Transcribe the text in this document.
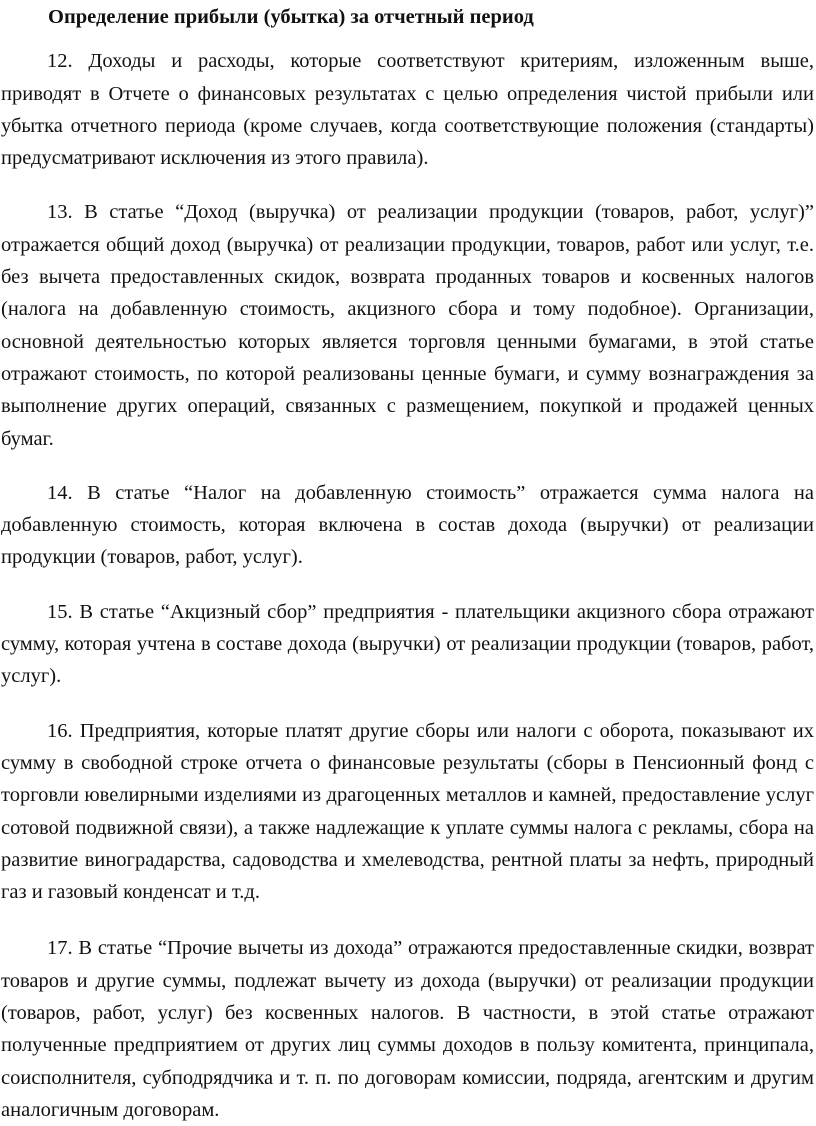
Определение прибыли (убытка) за отчетный период

12. Доходы и расходы, которые соответствуют критериям, изложенным выше, приводят в Отчете о финансовых результатах с целью определения чистой прибыли или убытка отчетного периода (кроме случаев, когда соответствующие положения (стандарты) предусматривают исключения из этого правила).

13. В статье “Доход (выручка) от реализации продукции (товаров, работ, услуг)” отражается общий доход (выручка) от реализации продукции, товаров, работ или услуг, т.е. без вычета предоставленных скидок, возврата проданных товаров и косвенных налогов (налога на добавленную стоимость, акцизного сбора и тому подобное). Организации, основной деятельностью которых является торговля ценными бумагами, в этой статье отражают стоимость, по которой реализованы ценные бумаги, и сумму вознаграждения за выполнение других операций, связанных с размещением, покупкой и продажей ценных бумаг.

14. В статье “Налог на добавленную стоимость” отражается сумма налога на добавленную стоимость, которая включена в состав дохода (выручки) от реализации продукции (товаров, работ, услуг).

15. В статье “Акцизный сбор” предприятия - плательщики акцизного сбора отражают сумму, которая учтена в составе дохода (выручки) от реализации продукции (товаров, работ, услуг).

16. Предприятия, которые платят другие сборы или налоги с оборота, показывают их сумму в свободной строке отчета о финансовые результаты (сборы в Пенсионный фонд с торговли ювелирными изделиями из драгоценных металлов и камней, предоставление услуг сотовой подвижной связи), а также надлежащие к уплате суммы налога с рекламы, сбора на развитие виноградарства, садоводства и хмелеводства, рентной платы за нефть, природный газ и газовый конденсат и т.д.

17. В статье “Прочие вычеты из дохода” отражаются предоставленные скидки, возврат товаров и другие суммы, подлежат вычету из дохода (выручки) от реализации продукции (товаров, работ, услуг) без косвенных налогов. В частности, в этой статье отражают полученные предприятием от других лиц суммы доходов в пользу комитента, принципала, соисполнителя, субподрядчика и т. п. по договорам комиссии, подряда, агентским и другим аналогичным договорам.
